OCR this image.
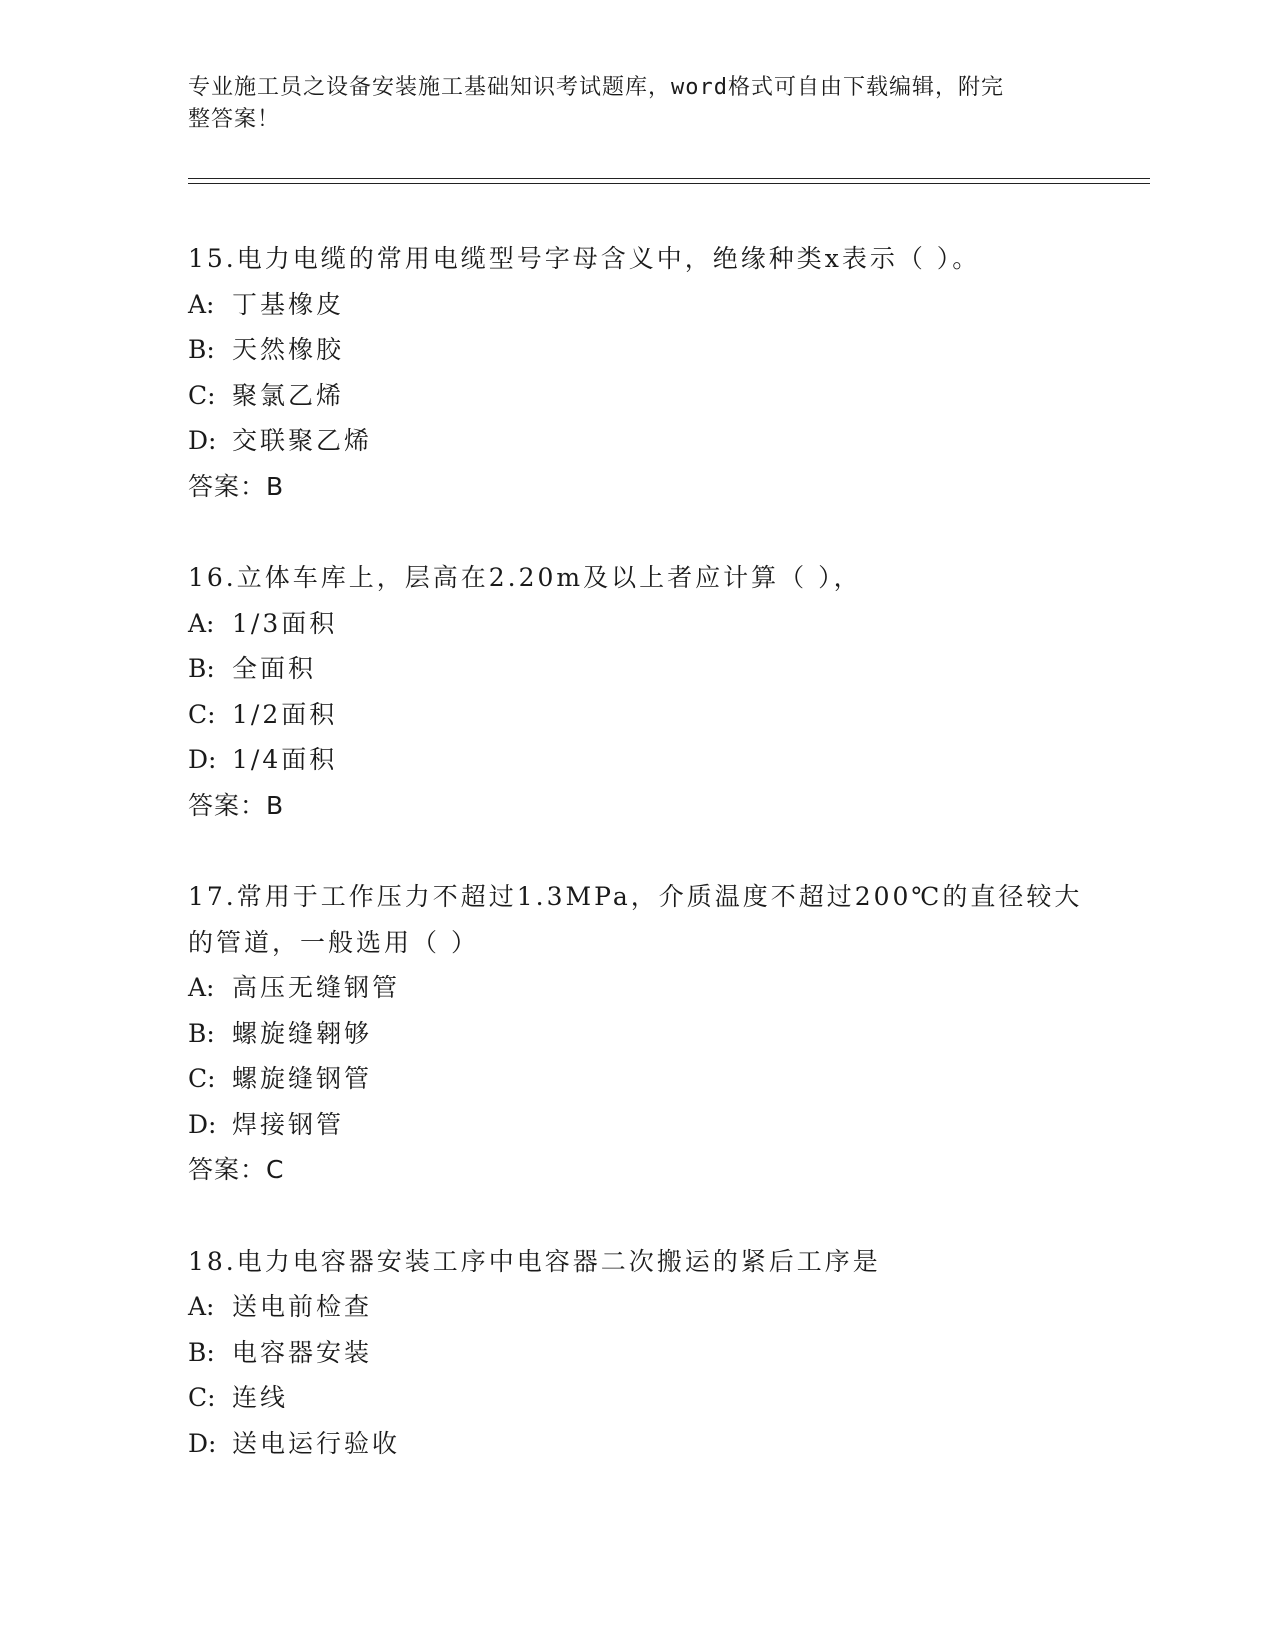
专业施工员之设备安装施工基础知识考试题库，word格式可自由下载编辑，附完
整答案！
15.电力电缆的常用电缆型号字母含义中，绝缘种类x表示（ ）。
A: 丁基橡皮
B: 天然橡胶
C: 聚氯乙烯
D: 交联聚乙烯
答案：B
16.立体车库上，层高在2.20m及以上者应计算（ ），
A: 1/3面积
B: 全面积
C: 1/2面积
D: 1/4面积
答案：B
17.常用于工作压力不超过1.3MPa，介质温度不超过200℃的直径较大
的管道，一般选用（ ）
A: 高压无缝钢管
B: 螺旋缝翱够
C: 螺旋缝钢管
D: 焊接钢管
答案：C
18.电力电容器安装工序中电容器二次搬运的紧后工序是
A: 送电前检查
B: 电容器安装
C: 连线
D: 送电运行验收
